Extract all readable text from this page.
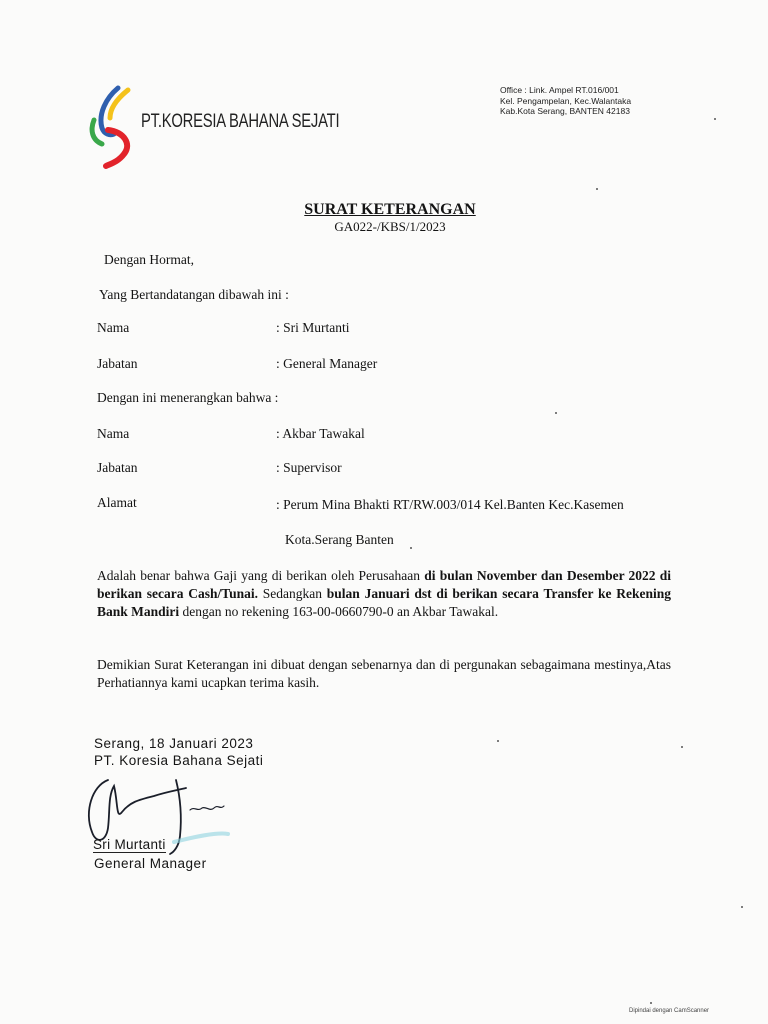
PT.KORESIA BAHANA SEJATI
Office : Link. Ampel RT.016/001
Kel. Pengampelan, Kec.Walantaka
Kab.Kota Serang, BANTEN 42183
SURAT KETERANGAN
GA022-/KBS/1/2023
Dengan Hormat,
Yang Bertandatangan dibawah ini :
Nama	: Sri Murtanti
Jabatan	: General Manager
Dengan ini menerangkan bahwa :
Nama	: Akbar Tawakal
Jabatan	: Supervisor
Alamat	: Perum Mina Bhakti RT/RW.003/014 Kel.Banten Kec.Kasemen
Kota.Serang Banten
Adalah benar bahwa Gaji yang di berikan oleh Perusahaan di bulan November dan Desember 2022 di berikan secara Cash/Tunai. Sedangkan bulan Januari dst di berikan secara Transfer ke Rekening Bank Mandiri dengan no rekening 163-00-0660790-0 an Akbar Tawakal.
Demikian Surat Keterangan ini dibuat dengan sebenarnya dan di pergunakan sebagaimana mestinya,Atas Perhatiannya kami ucapkan terima kasih.
Serang, 18 Januari 2023
PT. Koresia Bahana Sejati
Sri Murtanti
General Manager
Dipindai dengan CamScanner
